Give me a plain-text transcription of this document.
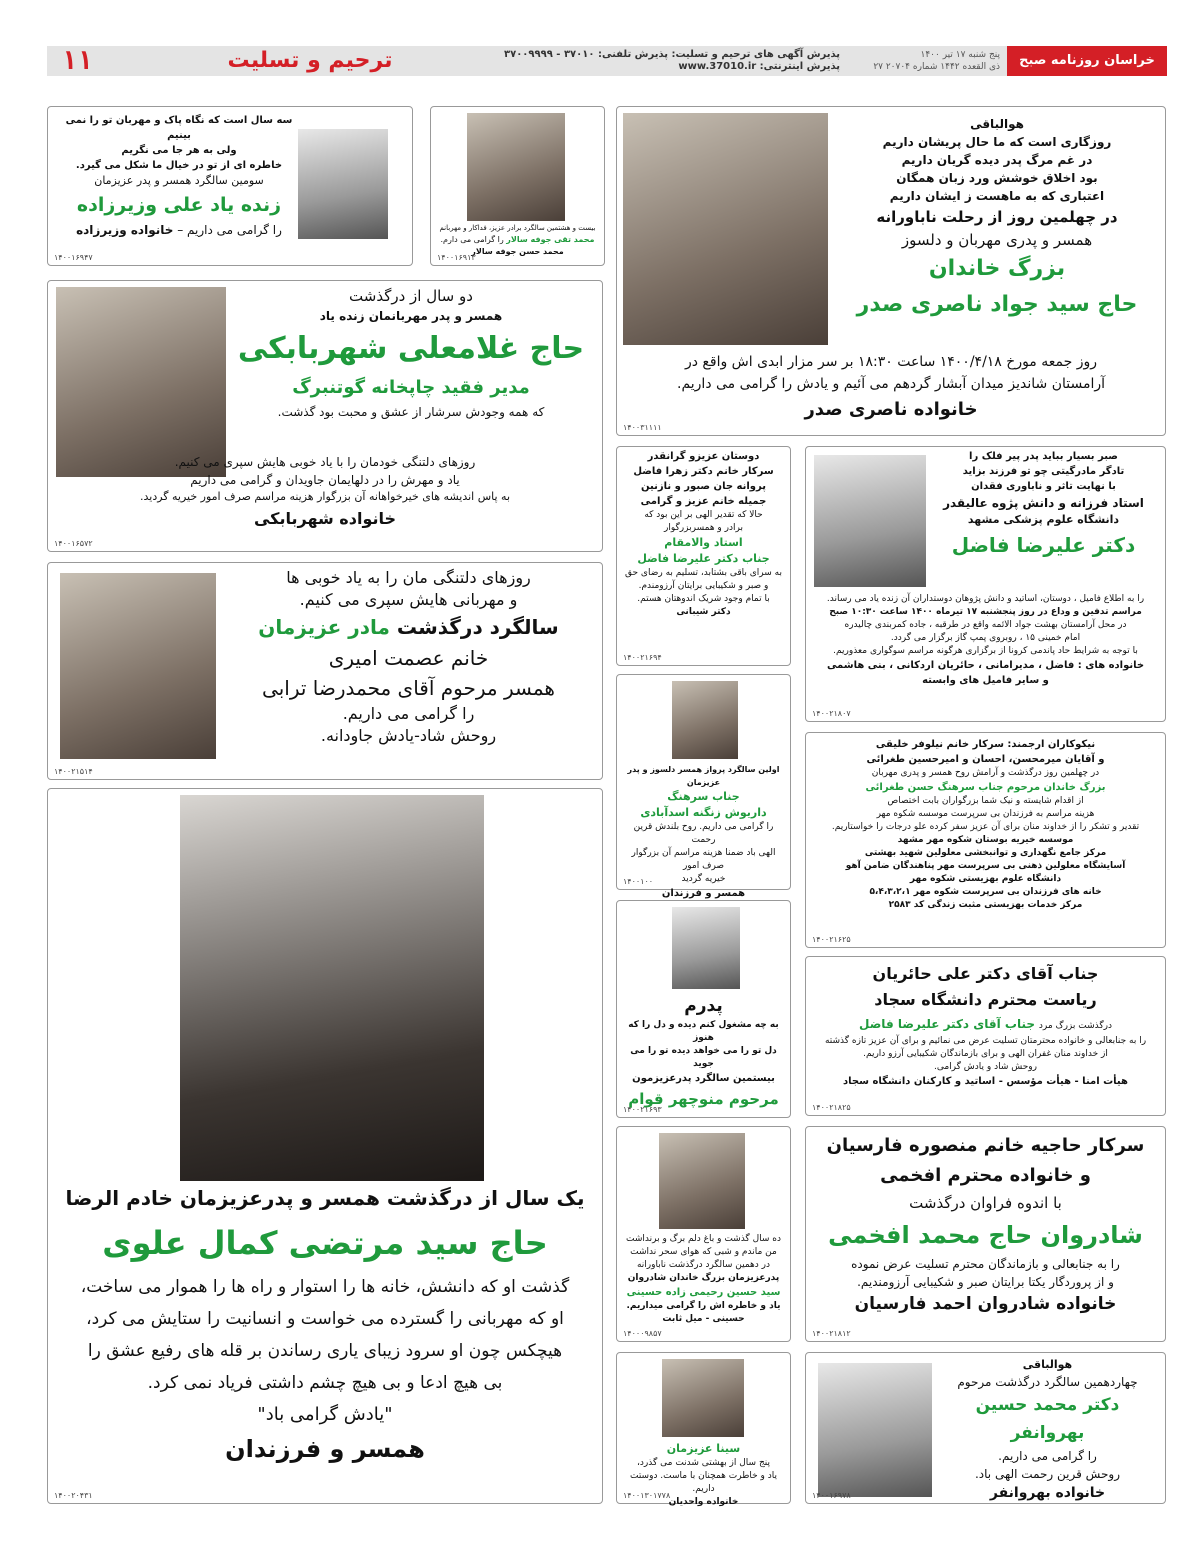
خراسان روزنامه صبح ایران
پنج شنبه ۱۷ تیر ۱۴۰۰
۲۷ ذی القعده ۱۴۴۲ شماره ۲۰۷۰۴
پذیرش آگهی های ترحیم و تسلیت: پذیرش تلفنی: ۳۷۰۱۰ - ۳۷۰۰۹۹۹۹
پذیرش اینترنتی: www.37010.ir
ترحیم و تسلیت
۱۱
هوالباقی
روزگاری است که ما حال پریشان داریم
در غم مرگ پدر دیده گریان داریم
بود اخلاق خوشش ورد زبان همگان
اعتباری که به ماهست ز ایشان داریم
در چهلمین روز از رحلت ناباورانه
همسر و پدری مهربان و دلسوز
بزرگ خاندان
حاج سید جواد ناصری صدر
روز جمعه مورخ ۱۴۰۰/۴/۱۸ ساعت ۱۸:۳۰ بر سر مزار ابدی اش واقع در
آرامستان شاندیز میدان آبشار گردهم می آئیم و یادش را گرامی می داریم.
خانواده ناصری صدر
۱۴۰۰۳۱۱۱۱
بیست و هشتمین سالگرد برادر عزیز، فداکار و مهربانم
محمد تقی جوفه سالار را گرامی می دارم.
محمد حسن جوفه سالار
۱۴۰۰۱۶۹۱۳
سه سال است که نگاه پاک و مهربان تو را نمی بینیم
ولی به هر جا می نگریم
خاطره ای از تو در خیال ما شکل می گیرد.
سومین سالگرد همسر و پدر عزیزمان
زنده یاد علی وزیرزاده
را گرامی می داریم – خانواده وزیرزاده
۱۴۰۰۱۶۹۴۷
دو سال از درگذشت
همسر و پدر مهربانمان زنده یاد
حاج غلامعلی شهربابکی
مدیر فقید چاپخانه گوتنبرگ
که همه وجودش سرشار از عشق و محبت بود گذشت.
روزهای دلتنگی خودمان را با یاد خوبی هایش سپری می کنیم.
یاد و مهرش را در دلهایمان جاویدان و گرامی می داریم
به پاس اندیشه های خیرخواهانه آن بزرگوار هزینه مراسم صرف امور خیریه گردید.
خانواده شهربابکی
۱۴۰۰۱۶۵۷۲
روزهای دلتنگی مان را به یاد خوبی ها
و مهربانی هایش سپری می کنیم.
سالگرد درگذشت مادر عزیزمان
خانم عصمت امیری
همسر مرحوم آقای محمدرضا ترابی
را گرامی می داریم.
روحش شاد-یادش جاودانه.
۱۴۰۰۲۱۵۱۴
یک سال از درگذشت همسر و پدرعزیزمان خادم الرضا
حاج سید مرتضی کمال علوی
گذشت او که دانشش، خانه ها را استوار و راه ها را هموار می ساخت،
او که مهربانی را گسترده می خواست و انسانیت را ستایش می کرد،
هیچکس چون او سرود زیبای یاری رساندن بر قله های رفیع عشق را
بی هیچ ادعا و بی هیچ چشم داشتی فریاد نمی کرد.
"یادش گرامی باد"
همسر و فرزندان
۱۴۰۰۲۰۴۳۱
دوستان عزیزو گرانقدر
سرکار خانم دکتر زهرا فاضل
پروانه جان صبور و نازنین
جمیله خانم عزیز و گرامی
حالا که تقدیر الهی بر این بود که
برادر و همسربزرگوار
استاد والامقام
جناب دکتر علیرضا فاضل
به سرای باقی بشتابد، تسلیم به رضای حق
و صبر و شکیبایی برایتان آرزومندم.
با تمام وجود شریک اندوهتان هستم.
دکتر شیبانی
۱۴۰۰۲۱۶۹۴
صبر بسیار بباید پدر پیر فلک را
تادگر مادرگیتی چو تو فرزند بزاید
با نهایت تاثر و ناباوری فقدان
استاد فرزانه و دانش پژوه عالیقدر
دانشگاه علوم پزشکی مشهد
دکتر علیرضا فاضل
را به اطلاع فامیل ، دوستان، اساتید و دانش پژوهان دوستداران آن زنده یاد می رساند.
مراسم تدفین و وداع در روز پنجشنبه ۱۷ تیرماه ۱۴۰۰ ساعت ۱۰:۳۰ صبح
در محل آرامستان بهشت جواد الائمه واقع در طرقبه ، جاده کمربندی چالیدره
امام خمینی ۱۵ ، روبروی پمپ گاز برگزار می گردد.
با توجه به شرایط حاد پاندمی کرونا از برگزاری هرگونه مراسم سوگواری معذوریم.
خانواده های : فاضل ، مدیرامانی ، حائریان اردکانی ، بنی هاشمی
و سایر فامیل های وابسته
۱۴۰۰۲۱۸۰۷
اولین سالگرد پرواز همسر دلسوز و پدر عزیزمان
جناب سرهنگ
داریوش زنگنه اسدآبادی
را گرامی می داریم. روح بلندش قرین رحمت
الهی باد ضمنا هزینه مراسم آن بزرگوار صرف امور
خیریه گردید
همسر و فرزندان
۱۴۰۰۱۰۰
نیکوکاران ارجمند: سرکار خانم نیلوفر خلیقی
و آقایان میرمحسن، احسان و امیرحسین طغرائی
در چهلمین روز درگذشت و آرامش روح همسر و پدری مهربان
بزرگ خاندان مرحوم جناب سرهنگ حسن طغرائی
از اقدام شایسته و نیک شما بزرگواران بابت اختصاص
هزینه مراسم به فرزندان بی سرپرست موسسه شکوه مهر
تقدیر و تشکر را از خداوند منان برای آن عزیز سفر کرده علو درجات را خواستاریم.
موسسه خیریه بوستان شکوه مهر مشهد
مرکز جامع نگهداری و توانبخشی معلولین شهید بهشتی
آسایشگاه معلولین ذهنی بی سرپرست مهر پناهندگان ضامن آهو
دانشگاه علوم بهزیستی شکوه مهر
خانه های فرزندان بی سرپرست شکوه مهر ۵،۴،۳،۲،۱
مرکز خدمات بهزیستی مثبت زندگی کد ۲۵۸۳
۱۴۰۰۲۱۶۲۵
پدرم
به چه مشغول کنم دیده و دل را که هنوز
دل تو را می خواهد دیده تو را می جوید
بیستمین سالگرد پدرعزیزمون
مرحوم منوچهر قوام
۱۴۰۰۲۱۶۹۳
جناب آقای دکتر علی حائریان
ریاست محترم دانشگاه سجاد
درگذشت بزرگ مرد جناب آقای دکتر علیرضا فاضل
را به جنابعالی و خانواده محترمتان تسلیت عرض می نمائیم و برای آن عزیز تازه گذشته
از خداوند منان غفران الهی و برای بازماندگان شکیبایی آرزو داریم.
روحش شاد و یادش گرامی.
هیأت امنا - هیأت مؤسس - اساتید و کارکنان دانشگاه سجاد
۱۴۰۰۲۱۸۲۵
ده سال گذشت و باغ دلم برگ و برنداشت
من ماندم و شبی که هوای سحر نداشت
در دهمین سالگرد درگذشت ناباورانه
پدرعزیزمان بزرگ خاندان شادروان
سید حسین رحیمی زاده حسینی
یاد و خاطره اش را گرامی میداریم.
حسینی - میل ثابت
۱۴۰۰۰۹۸۵۷
سرکار حاجیه خانم منصوره فارسیان
و خانواده محترم افخمی
با اندوه فراوان درگذشت
شادروان حاج محمد افخمی
را به جنابعالی و بازماندگان محترم تسلیت عرض نموده
و از پروردگار یکتا برایتان صبر و شکیبایی آرزومندیم.
خانواده شادروان احمد فارسیان
۱۴۰۰۲۱۸۱۲
سینا عزیزمان
پنج سال از بهشتی شدنت می گذرد،
یاد و خاطرت همچنان با ماست. دوستت داریم.
خانواده واحدیان
۱۴۰۰۱۳۰۱۷۷۸
هوالباقی
چهاردهمین سالگرد درگذشت مرحوم
دکتر محمد حسین بهروانفر
را گرامی می داریم.
روحش قرین رحمت الهی باد.
خانواده بهروانفر
۱۴۰۰۱۶۹۷۸
